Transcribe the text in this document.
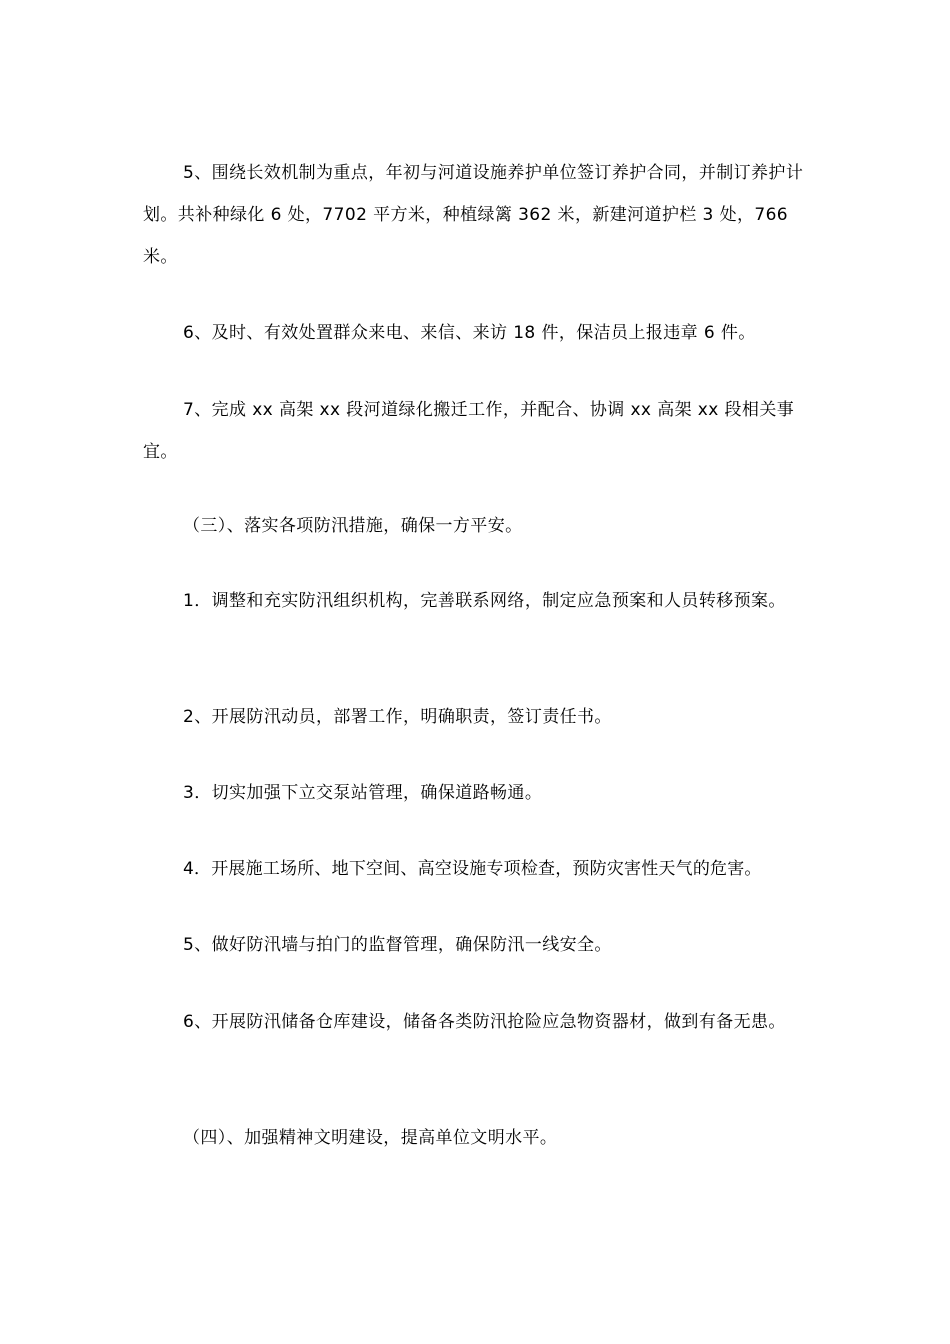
5、围绕长效机制为重点，年初与河道设施养护单位签订养护合同，并制订养护计划。共补种绿化 6 处，7702 平方米，种植绿篱 362 米，新建河道护栏 3 处，766 米。

6、及时、有效处置群众来电、来信、来访 18 件，保洁员上报违章 6 件。

7、完成 xx 高架 xx 段河道绿化搬迁工作，并配合、协调 xx 高架 xx 段相关事宜。

（三）、落实各项防汛措施，确保一方平安。

1．调整和充实防汛组织机构，完善联系网络，制定应急预案和人员转移预案。

2、开展防汛动员，部署工作，明确职责，签订责任书。

3．切实加强下立交泵站管理，确保道路畅通。

4．开展施工场所、地下空间、高空设施专项检查，预防灾害性天气的危害。

5、做好防汛墙与拍门的监督管理，确保防汛一线安全。

6、开展防汛储备仓库建设，储备各类防汛抢险应急物资器材，做到有备无患。

（四）、加强精神文明建设，提高单位文明水平。
